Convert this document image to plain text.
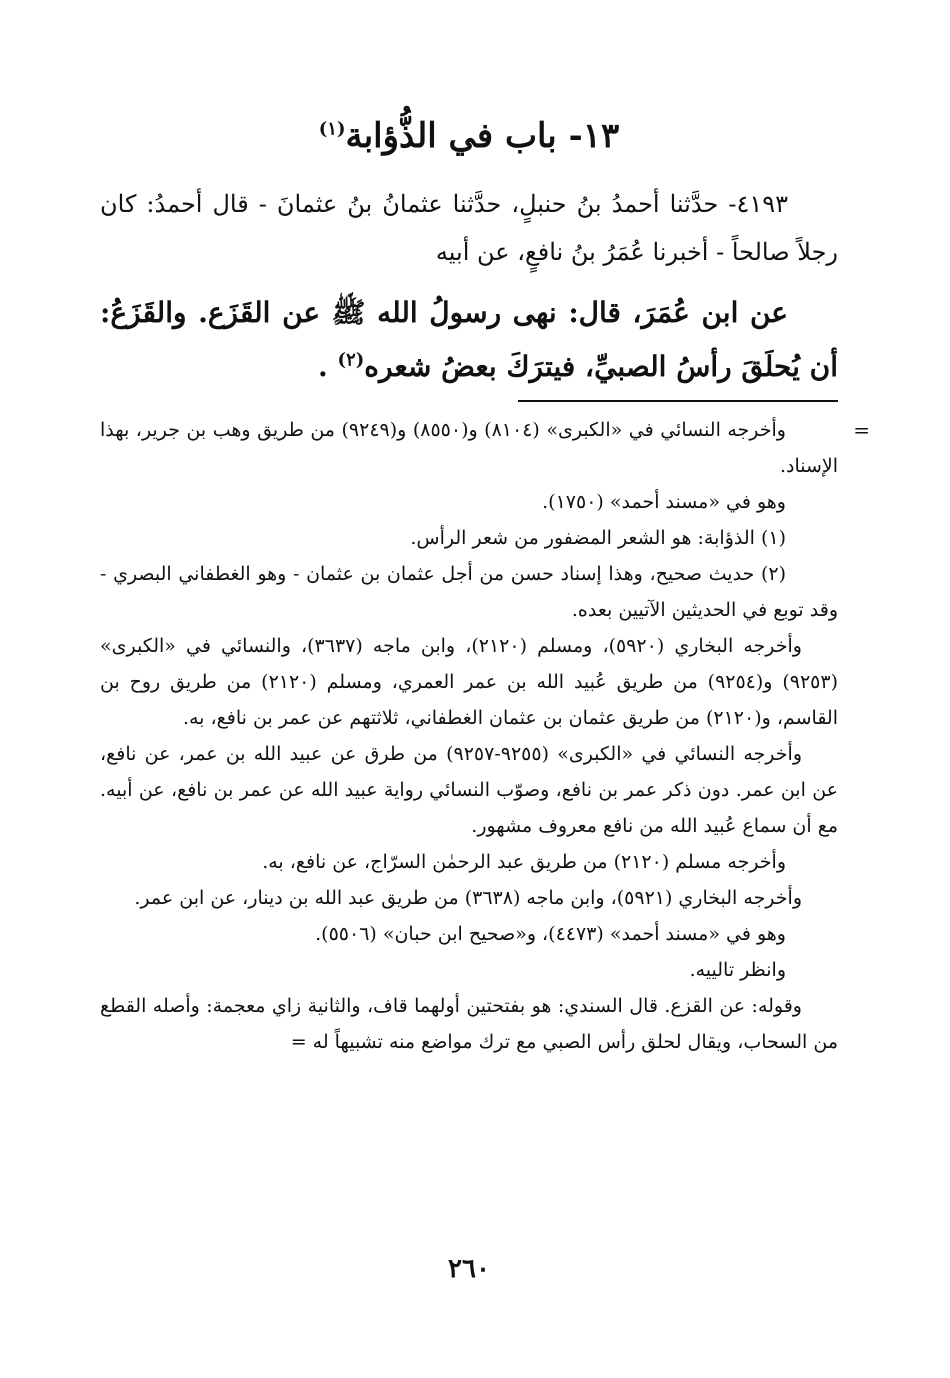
١٣- باب في الذُّؤابة$^{(١)}$

٤١٩٣- حدَّثنا أحمدُ بنُ حنبلٍ، حدَّثنا عثمانُ بنُ عثمانَ - قال أحمدُ: كان رجلاً صالحاً - أخبرنا عُمَرُ بنُ نافعٍ، عن أبيه

عن ابن عُمَرَ، قال: نهى رسولُ الله ﷺ عن القَزَع. والقَزَعُ: أن يُحلَقَ رأسُ الصبيِّ، فيترَكَ بعضُ شعره$^{(٢)}$ .

=

وأخرجه النسائي في «الكبرى» (٨١٠٤) و(٨٥٥٠) و(٩٢٤٩) من طريق وهب بن جرير، بهذا الإسناد.

وهو في «مسند أحمد» (١٧٥٠).

(١) الذؤابة: هو الشعر المضفور من شعر الرأس.

(٢) حديث صحيح، وهذا إسناد حسن من أجل عثمان بن عثمان - وهو الغطفاني البصري - وقد توبع في الحديثين الآتيين بعده.

وأخرجه البخاري (٥٩٢٠)، ومسلم (٢١٢٠)، وابن ماجه (٣٦٣٧)، والنسائي في «الكبرى» (٩٢٥٣) و(٩٢٥٤) من طريق عُبيد الله بن عمر العمري، ومسلم (٢١٢٠) من طريق روح بن القاسم، و(٢١٢٠) من طريق عثمان بن عثمان الغطفاني، ثلاثتهم عن عمر بن نافع، به.

وأخرجه النسائي في «الكبرى» (٩٢٥٥-٩٢٥٧) من طرق عن عبيد الله بن عمر، عن نافع، عن ابن عمر. دون ذكر عمر بن نافع، وصوّب النسائي رواية عبيد الله عن عمر بن نافع، عن أبيه. مع أن سماع عُبيد الله من نافع معروف مشهور.

وأخرجه مسلم (٢١٢٠) من طريق عبد الرحمٰن السرّاج، عن نافع، به.

وأخرجه البخاري (٥٩٢١)، وابن ماجه (٣٦٣٨) من طريق عبد الله بن دينار، عن ابن عمر.

وهو في «مسند أحمد» (٤٤٧٣)، و«صحيح ابن حبان» (٥٥٠٦).

وانظر تالييه.

وقوله: عن القزع. قال السندي: هو بفتحتين أولهما قاف، والثانية زاي معجمة: وأصله القطع من السحاب، ويقال لحلق رأس الصبي مع ترك مواضع منه تشبيهاً له =

٢٦٠
